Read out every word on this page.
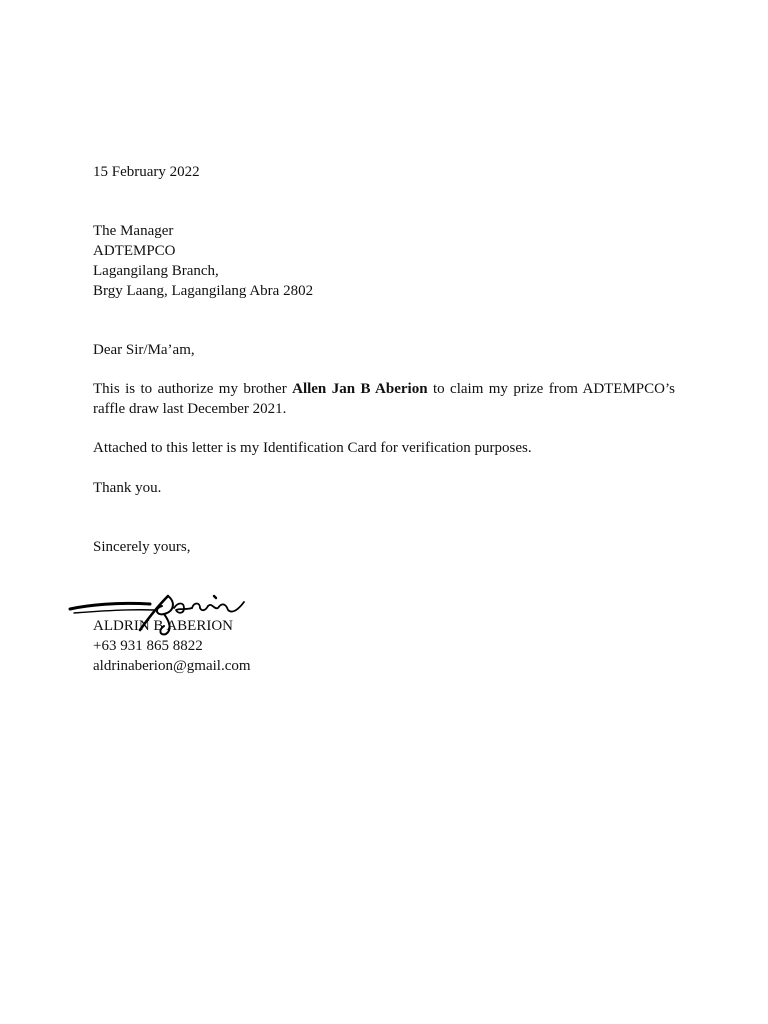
15 February 2022
The Manager
ADTEMPCO
Lagangilang Branch,
Brgy Laang, Lagangilang Abra 2802
Dear Sir/Ma’am,
This is to authorize my brother Allen Jan B Aberion to claim my prize from ADTEMPCO’s raffle draw last December 2021.
Attached to this letter is my Identification Card for verification purposes.
Thank you.
Sincerely yours,
ALDRIN B ABERION
+63 931 865 8822
aldrinaberion@gmail.com
